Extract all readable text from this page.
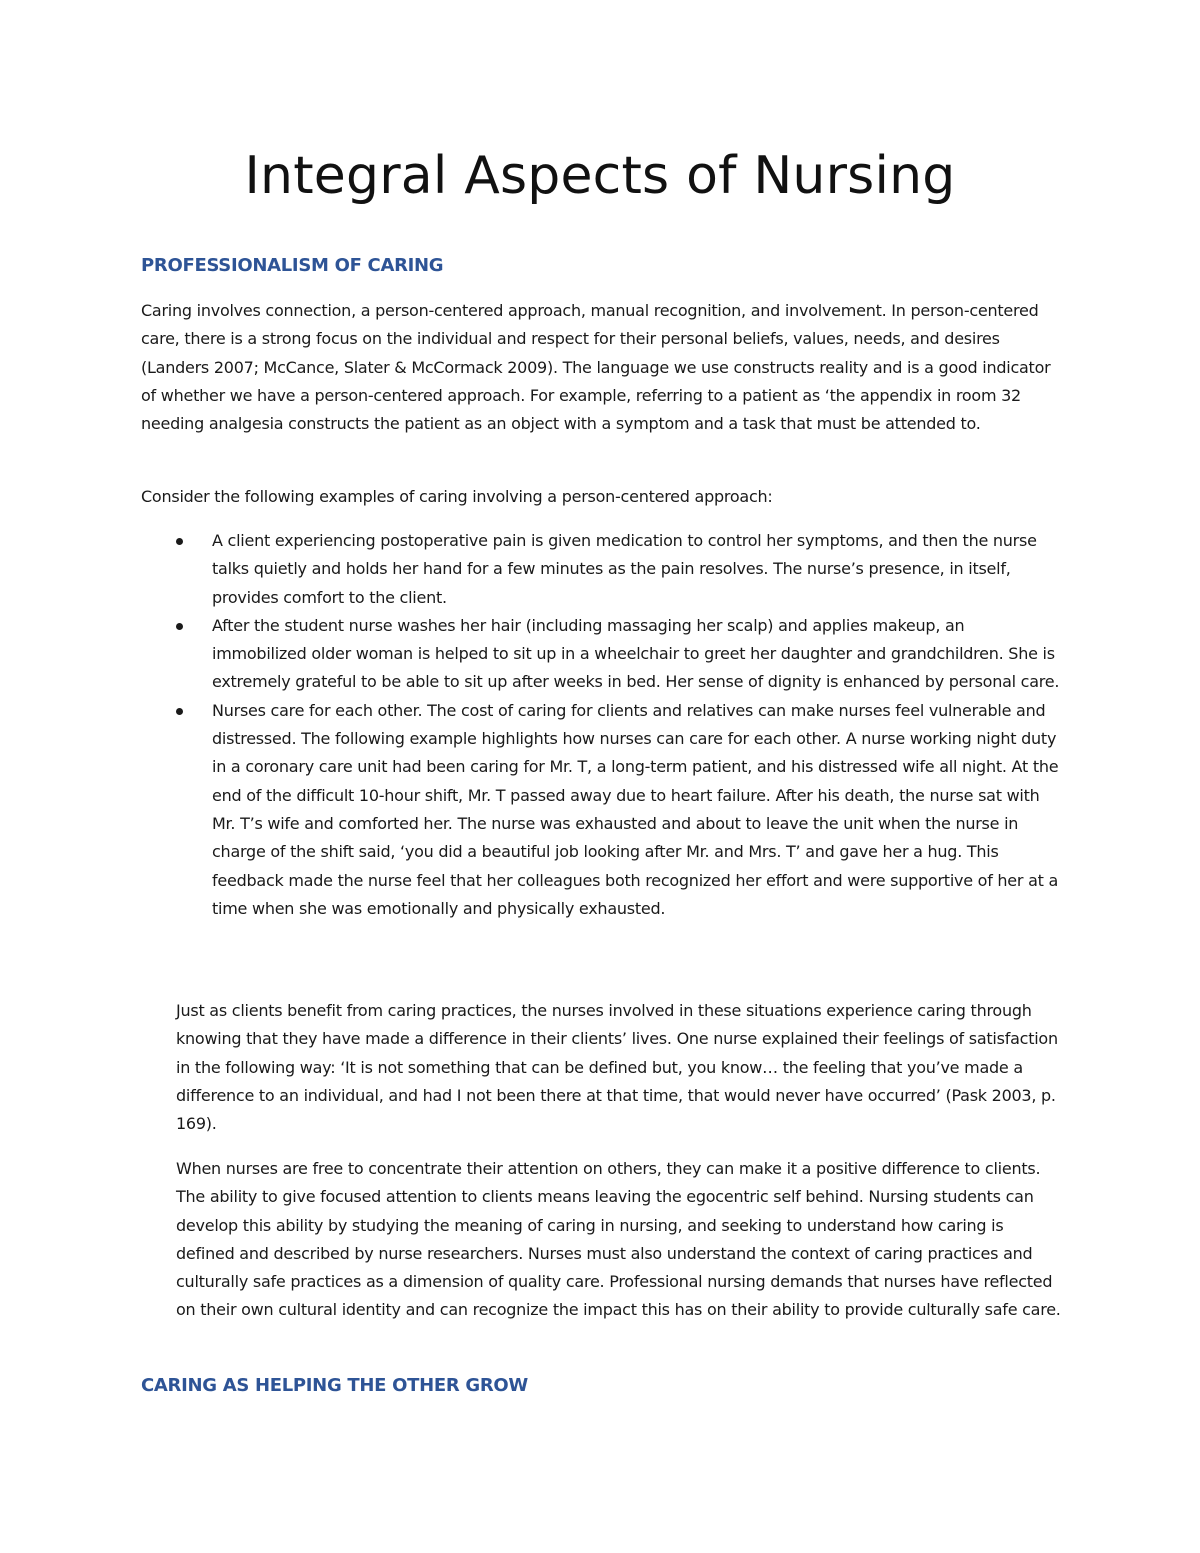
Integral Aspects of Nursing
PROFESSIONALISM OF CARING

Caring involves connection, a person-centered approach, manual recognition, and involvement. In person-centered care, there is a strong focus on the individual and respect for their personal beliefs, values, needs, and desires (Landers 2007; McCance, Slater & McCormack 2009). The language we use constructs reality and is a good indicator of whether we have a person-centered approach. For example, referring to a patient as ‘the appendix in room 32 needing analgesia constructs the patient as an object with a symptom and a task that must be attended to.

Consider the following examples of caring involving a person-centered approach:

A client experiencing postoperative pain is given medication to control her symptoms, and then the nurse talks quietly and holds her hand for a few minutes as the pain resolves. The nurse’s presence, in itself, provides comfort to the client.
After the student nurse washes her hair (including massaging her scalp) and applies makeup, an immobilized older woman is helped to sit up in a wheelchair to greet her daughter and grandchildren. She is extremely grateful to be able to sit up after weeks in bed. Her sense of dignity is enhanced by personal care.
Nurses care for each other. The cost of caring for clients and relatives can make nurses feel vulnerable and distressed. The following example highlights how nurses can care for each other. A nurse working night duty in a coronary care unit had been caring for Mr. T, a long-term patient, and his distressed wife all night. At the end of the difficult 10-hour shift, Mr. T passed away due to heart failure. After his death, the nurse sat with Mr. T’s wife and comforted her. The nurse was exhausted and about to leave the unit when the nurse in charge of the shift said, ‘you did a beautiful job looking after Mr. and Mrs. T’ and gave her a hug. This feedback made the nurse feel that her colleagues both recognized her effort and were supportive of her at a time when she was emotionally and physically exhausted.

Just as clients benefit from caring practices, the nurses involved in these situations experience caring through knowing that they have made a difference in their clients’ lives. One nurse explained their feelings of satisfaction in the following way: ‘It is not something that can be defined but, you know… the feeling that you’ve made a difference to an individual, and had I not been there at that time, that would never have occurred’ (Pask 2003, p. 169).

When nurses are free to concentrate their attention on others, they can make it a positive difference to clients. The ability to give focused attention to clients means leaving the egocentric self behind. Nursing students can develop this ability by studying the meaning of caring in nursing, and seeking to understand how caring is defined and described by nurse researchers. Nurses must also understand the context of caring practices and culturally safe practices as a dimension of quality care. Professional nursing demands that nurses have reflected on their own cultural identity and can recognize the impact this has on their ability to provide culturally safe care.

CARING AS HELPING THE OTHER GROW
